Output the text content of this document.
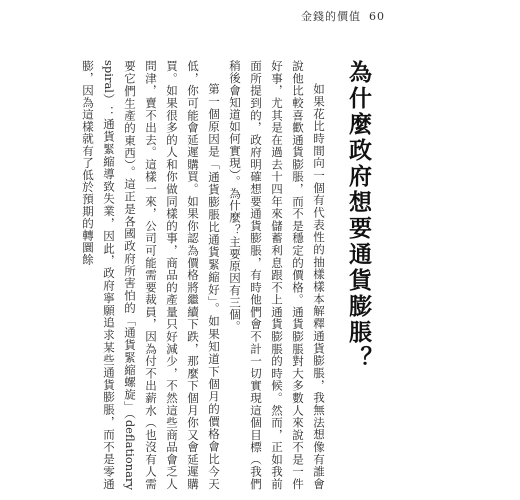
金錢的價值 60
為什麼政府想要通貨膨脹？

如果花比時間向一個有代表性的抽樣樣本解釋通貨膨脹，我無法想像有誰會說他比較喜歡通貨膨脹，而不是穩定的價格。通貨膨脹對大多數人來說不是一件好事，尤其是在過去十四年來儲蓄利息跟不上通貨膨脹的時候。然而，正如我前面所提到的，政府明確想要通貨膨脹，有時他們會不計一切實現這個目標（我們稍後會知道如何實現）。為什麼？主要原因有三個。

第一個原因是「通貨膨脹比通貨緊縮好」。如果知道下個月的價格會比今天低，你可能會延遲購買。如果你認為價格將繼續下跌，那麼下個月你又會延遲購買。如果很多的人和你做同樣的事，商品的產量只好減少，不然這些商品會乏人問津，賣不出去。這樣一來，公司可能需要裁員，因為付不出薪水（也沒有人需要它們生產的東西）。這正是各國政府所害怕的「通貨緊縮螺旋」（deflationary spiral）：通貨緊縮導致失業，因此，政府寧願追求某些通貨膨脹，而不是零通膨，因為這樣就有了低於預期的轉圜餘
